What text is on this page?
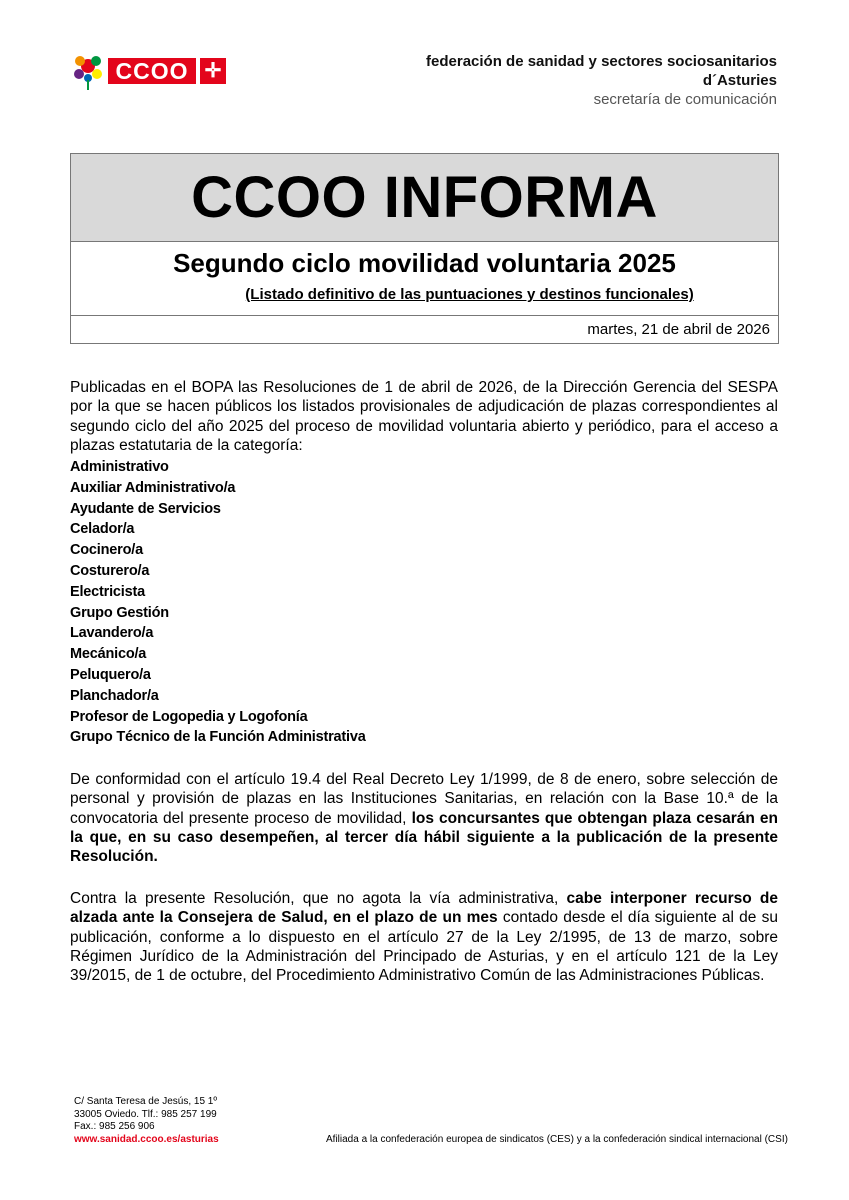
CCOO ✛	federación de sanidad y sectores sociosanitarios
d´Asturies
secretaría de comunicación
CCOO INFORMA
Segundo ciclo movilidad voluntaria 2025
(Listado definitivo de las puntuaciones y destinos funcionales)
martes, 21 de abril de 2026
Publicadas en el BOPA las Resoluciones de 1 de abril de 2026, de la Dirección Gerencia del SESPA por la que se hacen públicos los listados provisionales de adjudicación de plazas correspondientes al segundo ciclo del año 2025 del proceso de movilidad voluntaria abierto y periódico, para el acceso a plazas estatutaria de la categoría:
Administrativo
Auxiliar Administrativo/a
Ayudante de Servicios
Celador/a
Cocinero/a
Costurero/a
Electricista
Grupo Gestión
Lavandero/a
Mecánico/a
Peluquero/a
Planchador/a
Profesor de Logopedia y Logofonía
Grupo Técnico de la Función Administrativa
De conformidad con el artículo 19.4 del Real Decreto Ley 1/1999, de 8 de enero, sobre selección de personal y provisión de plazas en las Instituciones Sanitarias, en relación con la Base 10.ª de la convocatoria del presente proceso de movilidad, los concursantes que obtengan plaza cesarán en la que, en su caso desempeñen, al tercer día hábil siguiente a la publicación de la presente Resolución.
Contra la presente Resolución, que no agota la vía administrativa, cabe interponer recurso de alzada ante la Consejera de Salud, en el plazo de un mes contado desde el día siguiente al de su publicación, conforme a lo dispuesto en el artículo 27 de la Ley 2/1995, de 13 de marzo, sobre Régimen Jurídico de la Administración del Principado de Asturias, y en el artículo 121 de la Ley 39/2015, de 1 de octubre, del Procedimiento Administrativo Común de las Administraciones Públicas.
C/ Santa Teresa de Jesús, 15 1º
33005 Oviedo. Tlf.: 985 257 199
Fax.: 985 256 906
www.sanidad.ccoo.es/asturias	Afiliada a la confederación europea de sindicatos (CES) y a la confederación sindical internacional (CSI)
